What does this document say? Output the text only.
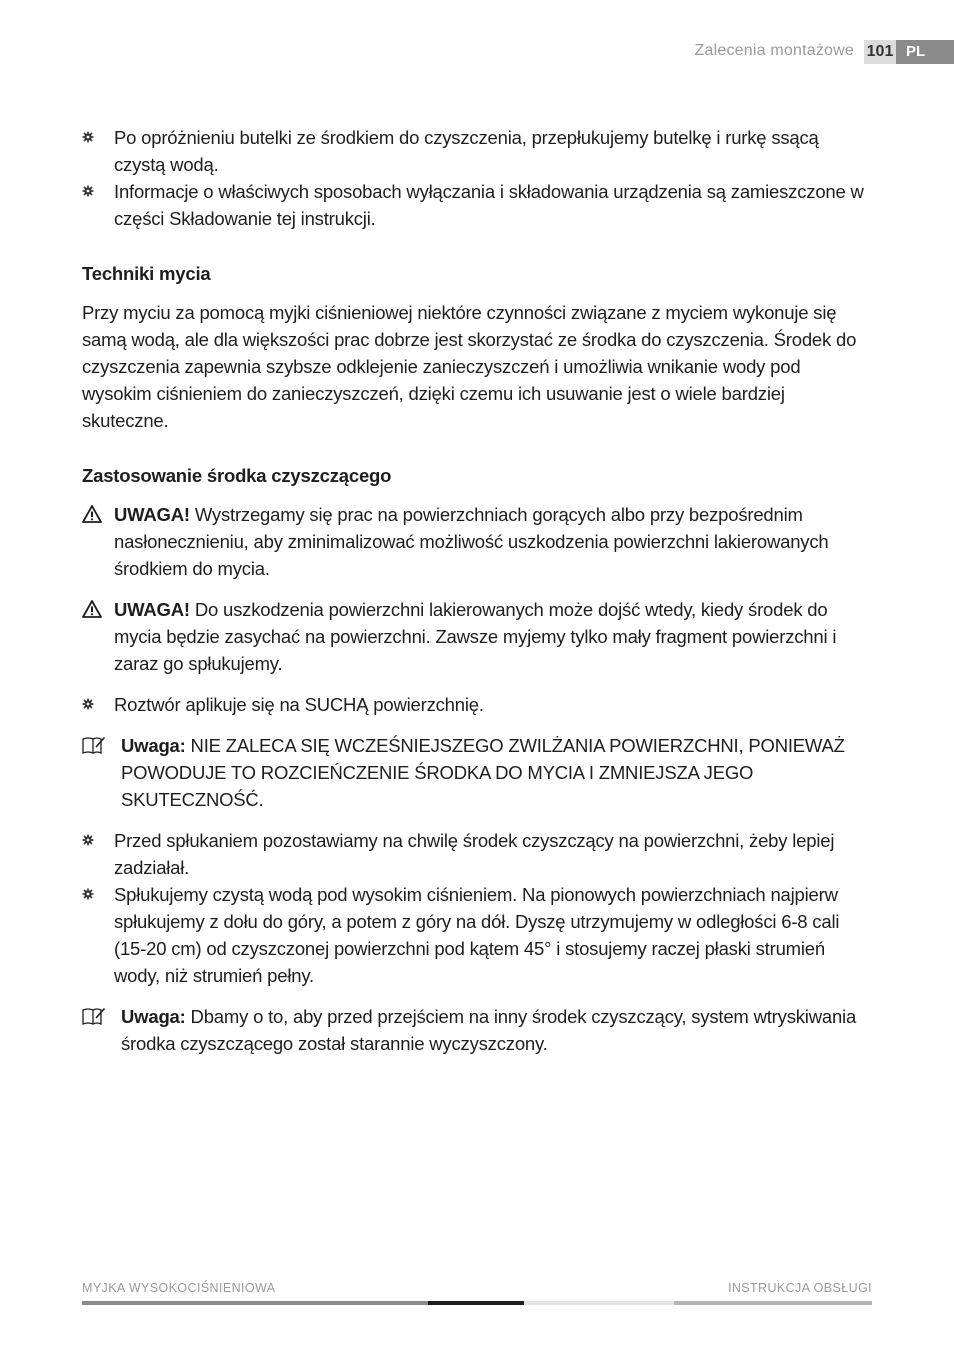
Zalecenia montażowe 101 PL
Po opróżnieniu butelki ze środkiem do czyszczenia, przepłukujemy butelkę i rurkę ssącą czystą wodą.
Informacje o właściwych sposobach wyłączania i składowania urządzenia są zamieszczone w części Składowanie tej instrukcji.
Techniki mycia

Przy myciu za pomocą myjki ciśnieniowej niektóre czynności związane z myciem wykonuje się samą wodą, ale dla większości prac dobrze jest skorzystać ze środka do czyszczenia. Środek do czyszczenia zapewnia szybsze odklejenie zanieczyszczeń i umożliwia wnikanie wody pod wysokim ciśnieniem do zanieczyszczeń, dzięki czemu ich usuwanie jest o wiele bardziej skuteczne.

Zastosowanie środka czyszczącego
UWAGA! Wystrzegamy się prac na powierzchniach gorących albo przy bezpośrednim nasłonecznieniu, aby zminimalizować możliwość uszkodzenia powierzchni lakierowanych środkiem do mycia.
UWAGA! Do uszkodzenia powierzchni lakierowanych może dojść wtedy, kiedy środek do mycia będzie zasychać na powierzchni. Zawsze myjemy tylko mały fragment powierzchni i zaraz go spłukujemy.
Roztwór aplikuje się na SUCHĄ powierzchnię.
Uwaga: NIE ZALECA SIĘ WCZEŚNIEJSZEGO ZWILŻANIA POWIERZCHNI, PONIEWAŻ POWODUJE TO ROZCIEŃCZENIE ŚRODKA DO MYCIA I ZMNIEJSZA JEGO SKUTECZNOŚĆ.
Przed spłukaniem pozostawiamy na chwilę środek czyszczący na powierzchni, żeby lepiej zadziałał.
Spłukujemy czystą wodą pod wysokim ciśnieniem. Na pionowych powierzchniach najpierw spłukujemy z dołu do góry, a potem z góry na dół. Dyszę utrzymujemy w odległości 6-8 cali (15-20 cm) od czyszczonej powierzchni pod kątem 45° i stosujemy raczej płaski strumień wody, niż strumień pełny.
Uwaga: Dbamy o to, aby przed przejściem na inny środek czyszczący, system wtryskiwania środka czyszczącego został starannie wyczyszczony.
MYJKA WYSOKOCIŚNIENIOWA	INSTRUKCJA OBSŁUGI
